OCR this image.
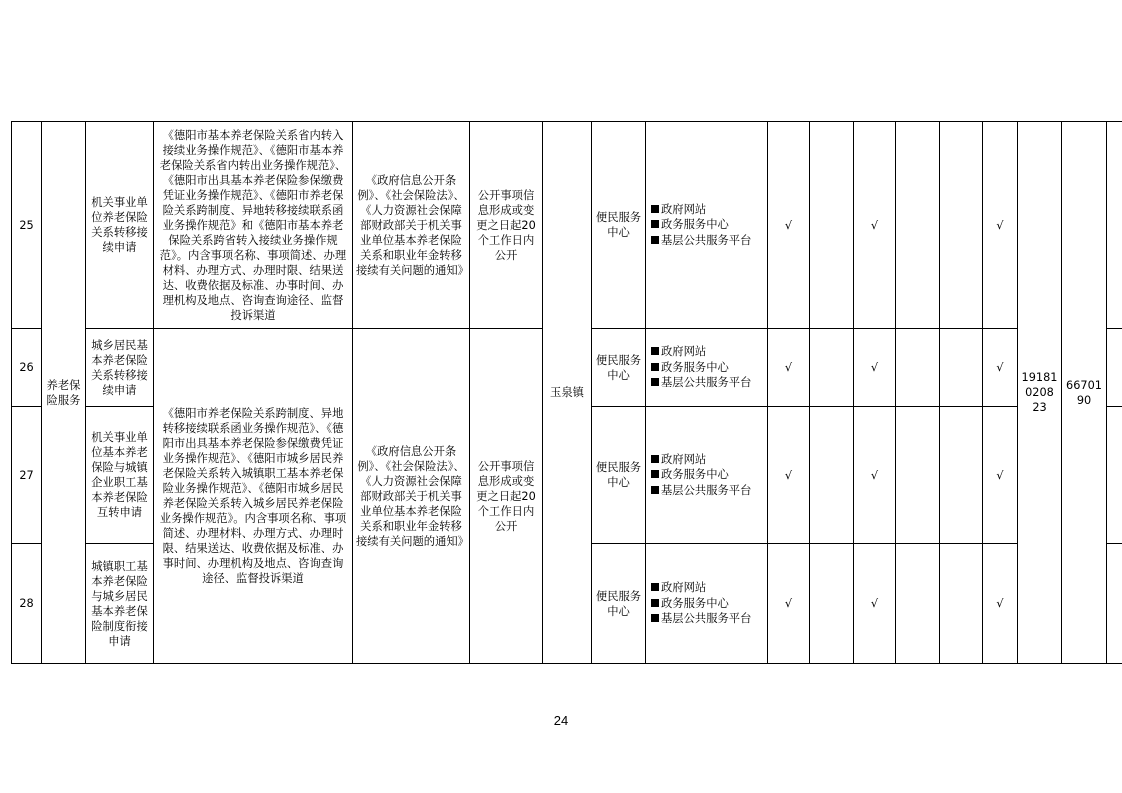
25	养老保险服务	机关事业单位养老保险关系转移接续申请	《德阳市基本养老保险关系省内转入接续业务操作规范》、《德阳市基本养老保险关系省内转出业务操作规范》、《德阳市出具基本养老保险参保缴费凭证业务操作规范》、《德阳市养老保险关系跨制度、异地转移接续联系函业务操作规范》和《德阳市基本养老保险关系跨省转入接续业务操作规范》。内含事项名称、事项简述、办理材料、办理方式、办理时限、结果送达、收费依据及标准、办事时间、办理机构及地点、咨询查询途径、监督投诉渠道	《政府信息公开条例》、《社会保险法》、《人力资源社会保障部财政部关于机关事业单位基本养老保险关系和职业年金转移接续有关问题的通知》	公开事项信息形成或变更之日起20个工作日内公开	玉泉镇	便民服务中心	政府网站
政务服务中心
基层公共服务平台	√		√			√	191810208 23	6670190	
26		城乡居民基本养老保险关系转移接续申请	《德阳市养老保险关系跨制度、异地转移接续联系函业务操作规范》、《德阳市出具基本养老保险参保缴费凭证业务操作规范》、《德阳市城乡居民养老保险关系转入城镇职工基本养老保险业务操作规范》、《德阳市城乡居民养老保险关系转入城乡居民养老保险业务操作规范》。内含事项名称、事项简述、办理材料、办理方式、办理时限、结果送达、收费依据及标准、办事时间、办理机构及地点、咨询查询途径、监督投诉渠道	《政府信息公开条例》、《社会保险法》、《人力资源社会保障部财政部关于机关事业单位基本养老保险关系和职业年金转移接续有关问题的通知》	公开事项信息形成或变更之日起20个工作日内公开		便民服务中心	政府网站
政务服务中心
基层公共服务平台	√		√			√			
27		机关事业单位基本养老保险与城镇企业职工基本养老保险互转申请					便民服务中心	政府网站
政务服务中心
基层公共服务平台	√		√			√			
28		城镇职工基本养老保险与城乡居民基本养老保险制度衔接申请					便民服务中心	政府网站
政务服务中心
基层公共服务平台	√		√			√			
24
